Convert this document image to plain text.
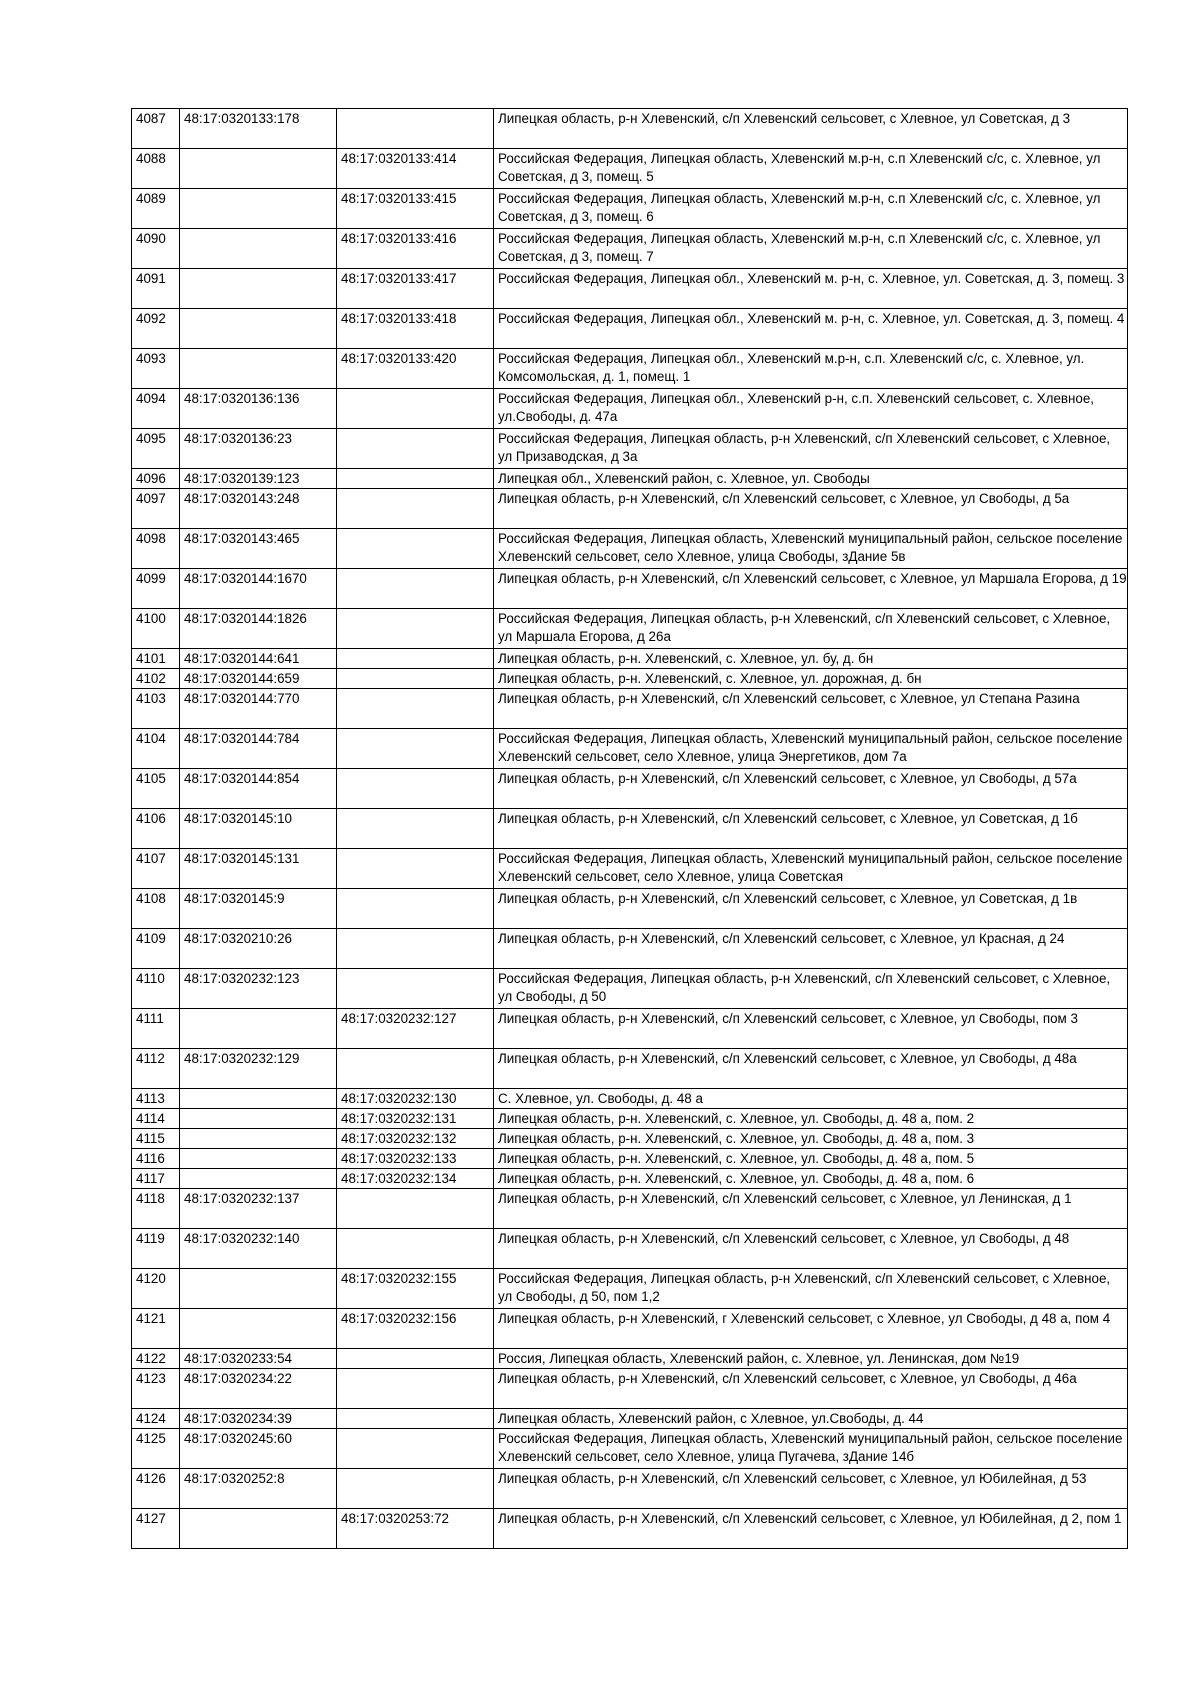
4087	48:17:0320133:178		Липецкая область, р-н Хлевенский, с/п Хлевенский сельсовет, с Хлевное, ул Советская, д 3
4088		48:17:0320133:414	Российская Федерация, Липецкая область, Хлевенский м.р-н, с.п Хлевенский с/с, с. Хлевное, ул Советская, д 3, помещ. 5
4089		48:17:0320133:415	Российская Федерация, Липецкая область, Хлевенский м.р-н, с.п Хлевенский с/с, с. Хлевное, ул Советская, д 3, помещ. 6
4090		48:17:0320133:416	Российская Федерация, Липецкая область, Хлевенский м.р-н, с.п Хлевенский с/с, с. Хлевное, ул Советская, д 3, помещ. 7
4091		48:17:0320133:417	Российская Федерация, Липецкая обл., Хлевенский м. р-н, с. Хлевное, ул. Советская, д. 3, помещ. 3
4092		48:17:0320133:418	Российская Федерация, Липецкая обл., Хлевенский м. р-н, с. Хлевное, ул. Советская, д. 3, помещ. 4
4093		48:17:0320133:420	Российская Федерация, Липецкая обл., Хлевенский м.р-н, с.п. Хлевенский с/с, с. Хлевное, ул. Комсомольская, д. 1, помещ. 1
4094	48:17:0320136:136		Российская Федерация, Липецкая обл., Хлевенский р-н, с.п. Хлевенский сельсовет, с. Хлевное, ул.Свободы, д. 47а
4095	48:17:0320136:23		Российская Федерация, Липецкая область, р-н Хлевенский, с/п Хлевенский сельсовет, с Хлевное, ул Призаводская, д 3а
4096	48:17:0320139:123		Липецкая обл., Хлевенский район, с. Хлевное, ул. Свободы
4097	48:17:0320143:248		Липецкая область, р-н Хлевенский, с/п Хлевенский сельсовет, с Хлевное, ул Свободы, д 5а
4098	48:17:0320143:465		Российская Федерация, Липецкая область, Хлевенский муниципальный район, сельское поселение Хлевенский сельсовет, село Хлевное, улица Свободы, зДание 5в
4099	48:17:0320144:1670		Липецкая область, р-н Хлевенский, с/п Хлевенский сельсовет, с Хлевное, ул Маршала Егорова, д 19
4100	48:17:0320144:1826		Российская Федерация, Липецкая область, р-н Хлевенский, с/п Хлевенский сельсовет, с Хлевное, ул Маршала Егорова, д 26а
4101	48:17:0320144:641		Липецкая область, р-н. Хлевенский, с. Хлевное, ул. бу, д. бн
4102	48:17:0320144:659		Липецкая область, р-н. Хлевенский, с. Хлевное, ул. дорожная, д. бн
4103	48:17:0320144:770		Липецкая область, р-н Хлевенский, с/п Хлевенский сельсовет, с Хлевное, ул Степана Разина
4104	48:17:0320144:784		Российская Федерация, Липецкая область, Хлевенский муниципальный район, сельское поселение Хлевенский сельсовет, село Хлевное, улица Энергетиков, дом 7а
4105	48:17:0320144:854		Липецкая область, р-н Хлевенский, с/п Хлевенский сельсовет, с Хлевное, ул Свободы, д 57а
4106	48:17:0320145:10		Липецкая область, р-н Хлевенский, с/п Хлевенский сельсовет, с Хлевное, ул Советская, д 1б
4107	48:17:0320145:131		Российская Федерация, Липецкая область, Хлевенский муниципальный район, сельское поселение Хлевенский сельсовет, село Хлевное, улица Советская
4108	48:17:0320145:9		Липецкая область, р-н Хлевенский, с/п Хлевенский сельсовет, с Хлевное, ул Советская, д 1в
4109	48:17:0320210:26		Липецкая область, р-н Хлевенский, с/п Хлевенский сельсовет, с Хлевное, ул Красная, д 24
4110	48:17:0320232:123		Российская Федерация, Липецкая область, р-н Хлевенский, с/п Хлевенский сельсовет, с Хлевное, ул Свободы, д 50
4111		48:17:0320232:127	Липецкая область, р-н Хлевенский, с/п Хлевенский сельсовет, с Хлевное, ул Свободы, пом 3
4112	48:17:0320232:129		Липецкая область, р-н Хлевенский, с/п Хлевенский сельсовет, с Хлевное, ул Свободы, д 48а
4113		48:17:0320232:130	С. Хлевное, ул. Свободы, д. 48 а
4114		48:17:0320232:131	Липецкая область, р-н. Хлевенский, с. Хлевное, ул. Свободы, д. 48 а, пом. 2
4115		48:17:0320232:132	Липецкая область, р-н. Хлевенский, с. Хлевное, ул. Свободы, д. 48 а, пом. 3
4116		48:17:0320232:133	Липецкая область, р-н. Хлевенский, с. Хлевное, ул. Свободы, д. 48 а, пом. 5
4117		48:17:0320232:134	Липецкая область, р-н. Хлевенский, с. Хлевное, ул. Свободы, д. 48 а, пом. 6
4118	48:17:0320232:137		Липецкая область, р-н Хлевенский, с/п Хлевенский сельсовет, с Хлевное, ул Ленинская, д 1
4119	48:17:0320232:140		Липецкая область, р-н Хлевенский, с/п Хлевенский сельсовет, с Хлевное, ул Свободы, д 48
4120		48:17:0320232:155	Российская Федерация, Липецкая область, р-н Хлевенский, с/п Хлевенский сельсовет, с Хлевное, ул Свободы, д 50, пом 1,2
4121		48:17:0320232:156	Липецкая область, р-н Хлевенский, г Хлевенский сельсовет, с Хлевное, ул Свободы, д 48 а, пом 4
4122	48:17:0320233:54		Россия, Липецкая область, Хлевенский район, с. Хлевное, ул. Ленинская, дом №19
4123	48:17:0320234:22		Липецкая область, р-н Хлевенский, с/п Хлевенский сельсовет, с Хлевное, ул Свободы, д 46а
4124	48:17:0320234:39		Липецкая область, Хлевенский район, с Хлевное, ул.Свободы, д. 44
4125	48:17:0320245:60		Российская Федерация, Липецкая область, Хлевенский муниципальный район, сельское поселение Хлевенский сельсовет, село Хлевное, улица Пугачева, зДание 14б
4126	48:17:0320252:8		Липецкая область, р-н Хлевенский, с/п Хлевенский сельсовет, с Хлевное, ул Юбилейная, д 53
4127		48:17:0320253:72	Липецкая область, р-н Хлевенский, с/п Хлевенский сельсовет, с Хлевное, ул Юбилейная, д 2, пом 1
